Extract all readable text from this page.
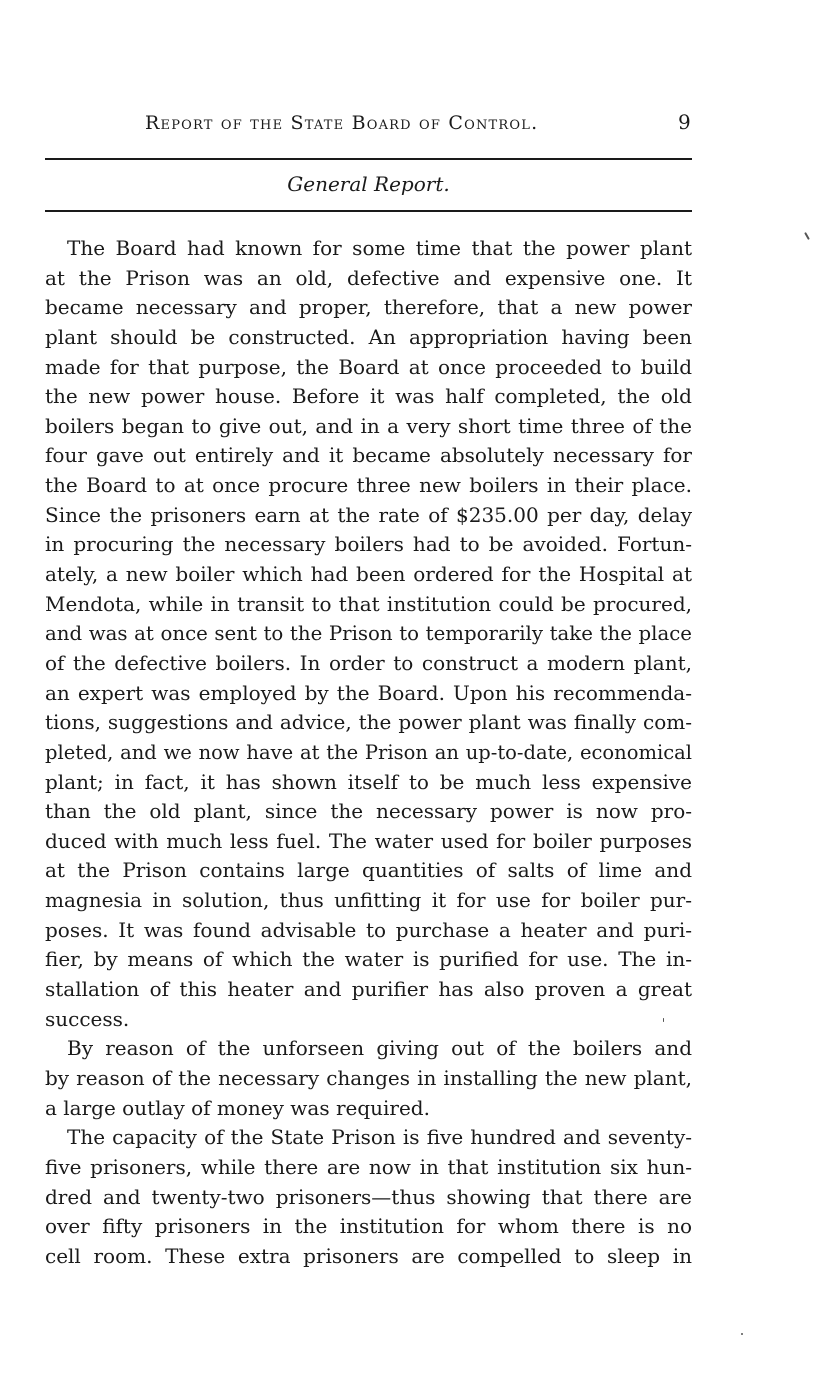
Report of the State Board of Control.	9
General Report.
The Board had known for some time that the power plant
at the Prison was an old, defective and expensive one. It
became necessary and proper, therefore, that a new power
plant should be constructed. An appropriation having been
made for that purpose, the Board at once proceeded to build
the new power house. Before it was half completed, the old
boilers began to give out, and in a very short time three of the
four gave out entirely and it became absolutely necessary for
the Board to at once procure three new boilers in their place.
Since the prisoners earn at the rate of $235.00 per day, delay
in procuring the necessary boilers had to be avoided. Fortun-
ately, a new boiler which had been ordered for the Hospital at
Mendota, while in transit to that institution could be procured,
and was at once sent to the Prison to temporarily take the place
of the defective boilers. In order to construct a modern plant,
an expert was employed by the Board. Upon his recommenda-
tions, suggestions and advice, the power plant was finally com-
pleted, and we now have at the Prison an up-to-date, economical
plant; in fact, it has shown itself to be much less expensive
than the old plant, since the necessary power is now pro-
duced with much less fuel. The water used for boiler purposes
at the Prison contains large quantities of salts of lime and
magnesia in solution, thus unfitting it for use for boiler pur-
poses. It was found advisable to purchase a heater and puri-
fier, by means of which the water is purified for use. The in-
stallation of this heater and purifier has also proven a great
success.
By reason of the unforseen giving out of the boilers and
by reason of the necessary changes in installing the new plant,
a large outlay of money was required.
The capacity of the State Prison is five hundred and seventy-
five prisoners, while there are now in that institution six hun-
dred and twenty-two prisoners—thus showing that there are
over fifty prisoners in the institution for whom there is no
cell room. These extra prisoners are compelled to sleep in
